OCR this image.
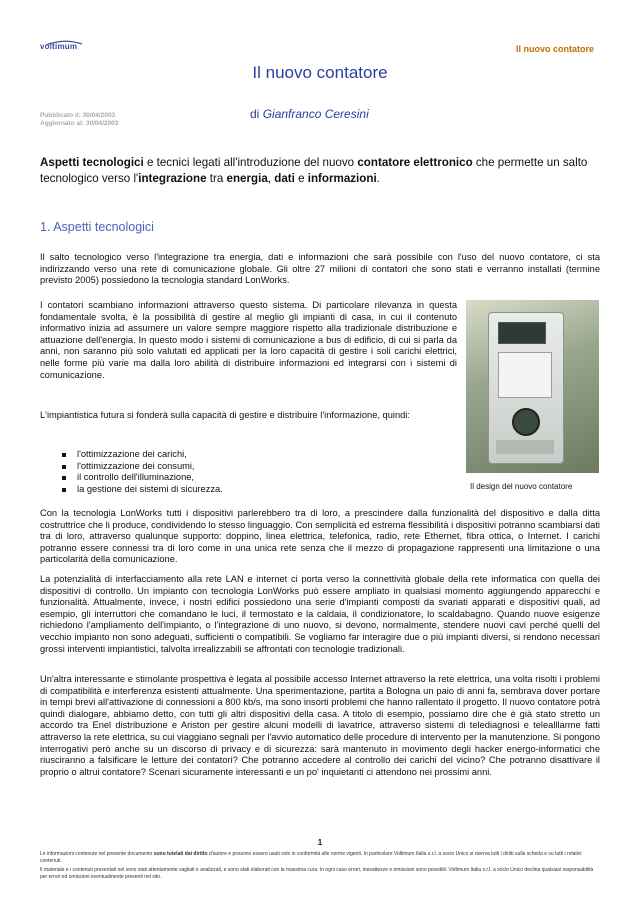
voltimum	Il nuovo contatore
Il nuovo contatore
Pubblicato il: 30/04/2003
Aggiornato al: 30/04/2003
di Gianfranco Ceresini
Aspetti tecnologici e tecnici legati all'introduzione del nuovo contatore elettronico che permette un salto tecnologico verso l'integrazione tra energia, dati e informazioni.
1. Aspetti tecnologici
Il salto tecnologico verso l'integrazione tra energia, dati e informazioni che sarà possibile con l'uso del nuovo contatore, ci sta indirizzando verso una rete di comunicazione globale. Gli oltre 27 milioni di contatori che sono stati e verranno installati (termine previsto 2005) possiedono la tecnologia standard LonWorks.
I contatori scambiano informazioni attraverso questo sistema. Di particolare rilevanza in questa fondamentale svolta, è la possibilità di gestire al meglio gli impianti di casa, in cui il contenuto informativo inizia ad assumere un valore sempre maggiore rispetto alla tradizionale distribuzione e attuazione dell'energia. In questo modo i sistemi di comunicazione a bus di edificio, di cui si parla da anni, non saranno più solo valutati ed applicati per la loro capacità di gestire i soli carichi elettrici, nelle forme più varie ma dalla loro abilità di distribuire informazioni ed integrarsi con i sistemi di comunicazione.
L'impiantistica futura si fonderà sulla capacità di gestire e distribuire l'informazione, quindi:
l'ottimizzazione dei carichi,
l'ottimizzazione dei consumi,
il controllo dell'illuminazione,
la gestione dei sistemi di sicurezza.	Il design del nuovo contatore
Con la tecnologia LonWorks tutti i dispositivi parlerebbero tra di loro, a prescindere dalla funzionalità del dispositivo e dalla ditta costruttrice che li produce, condividendo lo stesso linguaggio. Con semplicità ed estrema flessibilità i dispositivi potranno scambiarsi dati tra di loro, attraverso qualunque supporto: doppino, linea elettrica, telefonica, radio, rete Ethernet, fibra ottica, o Internet. I carichi potranno essere connessi tra di loro come in una unica rete senza che il mezzo di propagazione rappresenti una limitazione o una particolarità della comunicazione.
La potenzialità di interfacciamento alla rete LAN e internet ci porta verso la connettività globale della rete informatica con quella dei dispositivi di controllo. Un impianto con tecnologia LonWorks può essere ampliato in qualsiasi momento aggiungendo apparecchi e funzionalità. Attualmente, invece, i nostri edifici possiedono una serie d'impianti composti da svariati apparati e dispositivi quali, ad esempio, gli interruttori che comandano le luci, il termostato e la caldaia, il condizionatore, lo scaldabagno. Quando nuove esigenze richiedono l'ampliamento dell'impianto, o l'integrazione di uno nuovo, si devono, normalmente, stendere nuovi cavi perché quelli del vecchio impianto non sono adeguati, sufficienti o compatibili. Se vogliamo far interagire due o più impianti diversi, si rendono necessari grossi interventi impiantistici, talvolta irrealizzabili se affrontati con tecnologie tradizionali.
Un'altra interessante e stimolante prospettiva è legata al possibile accesso Internet attraverso la rete elettrica, una volta risolti i problemi di compatibilità e interferenza esistenti attualmente. Una sperimentazione, partita a Bologna un paio di anni fa, sembrava dover portare in tempi brevi all'attivazione di connessioni a 800 kb/s, ma sono insorti problemi che hanno rallentato il progetto. Il nuovo contatore potrà quindi dialogare, abbiamo detto, con tutti gli altri dispositivi della casa. A titolo di esempio, possiamo dire che è già stato stretto un accordo tra Enel distribuzione e Ariston per gestire alcuni modelli di lavatrice, attraverso sistemi di telediagnosi e telealllarme fatti attraverso la rete elettrica, su cui viaggiano segnali per l'avvio automatico delle procedure di intervento per la manutenzione. Si pongono interrogativi però anche su un discorso di privacy e di sicurezza: sarà mantenuto in movimento degli hacker energo-informatici che riusciranno a falsificare le letture dei contatori? Che potranno accedere al controllo dei carichi del vicino? Che potranno disattivare il proprio o altrui contatore? Scenari sicuramente interessanti e un po' inquietanti ci attendono nei prossimi anni.
1
Le informazioni contenute nel presente documento sono tutelati dai diritto d'autore e possono essere usati solo in conformità alle norme vigenti. In particolare Voltimum Italia s.r.l. a socio Unico si riserva tutti i diritti sulla scheda e su tutti i relativi contenuti.
Il materiale e i contenuti presentati nel sono stati attentamente vagliati e analizzati, e sono stati elaborati con la massima cura. In ogni caso errori, inesattezze e omissioni sono possibili. Voltimum Italia s.r.l. a socio Unico declina qualsiasi responsabilità per errori ed omissioni eventualmente presenti nel sito.
